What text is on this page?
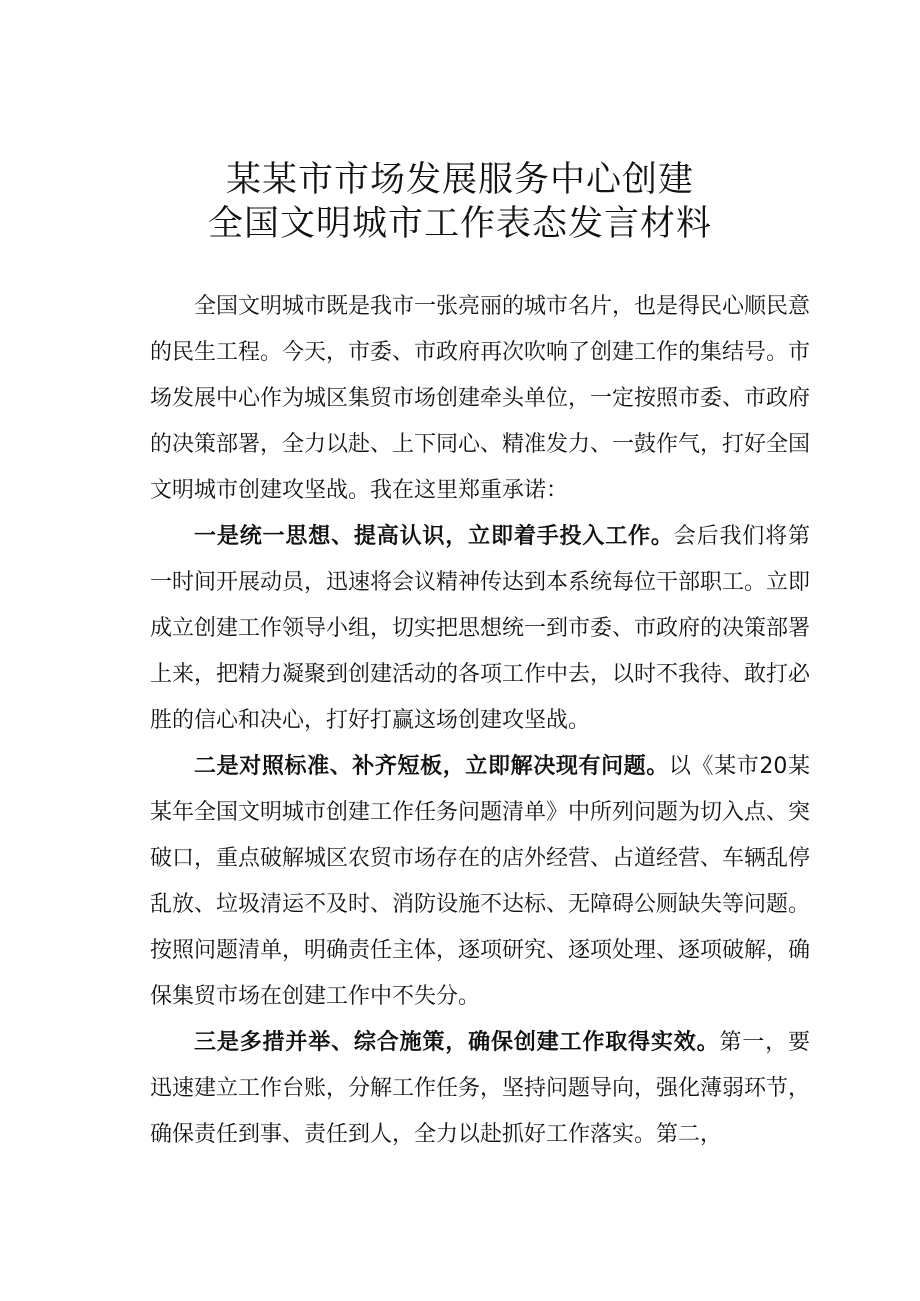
某某市市场发展服务中心创建
全国文明城市工作表态发言材料

全国文明城市既是我市一张亮丽的城市名片，也是得民心顺民意的民生工程。今天，市委、市政府再次吹响了创建工作的集结号。市场发展中心作为城区集贸市场创建牵头单位，一定按照市委、市政府的决策部署，全力以赴、上下同心、精准发力、一鼓作气，打好全国文明城市创建攻坚战。我在这里郑重承诺：

一是统一思想、提高认识，立即着手投入工作。会后我们将第一时间开展动员，迅速将会议精神传达到本系统每位干部职工。立即成立创建工作领导小组，切实把思想统一到市委、市政府的决策部署上来，把精力凝聚到创建活动的各项工作中去，以时不我待、敢打必胜的信心和决心，打好打赢这场创建攻坚战。

二是对照标准、补齐短板，立即解决现有问题。以《某市20某某年全国文明城市创建工作任务问题清单》中所列问题为切入点、突破口，重点破解城区农贸市场存在的店外经营、占道经营、车辆乱停乱放、垃圾清运不及时、消防设施不达标、无障碍公厕缺失等问题。按照问题清单，明确责任主体，逐项研究、逐项处理、逐项破解，确保集贸市场在创建工作中不失分。

三是多措并举、综合施策，确保创建工作取得实效。第一，要迅速建立工作台账，分解工作任务，坚持问题导向，强化薄弱环节，确保责任到事、责任到人，全力以赴抓好工作落实。第二，
